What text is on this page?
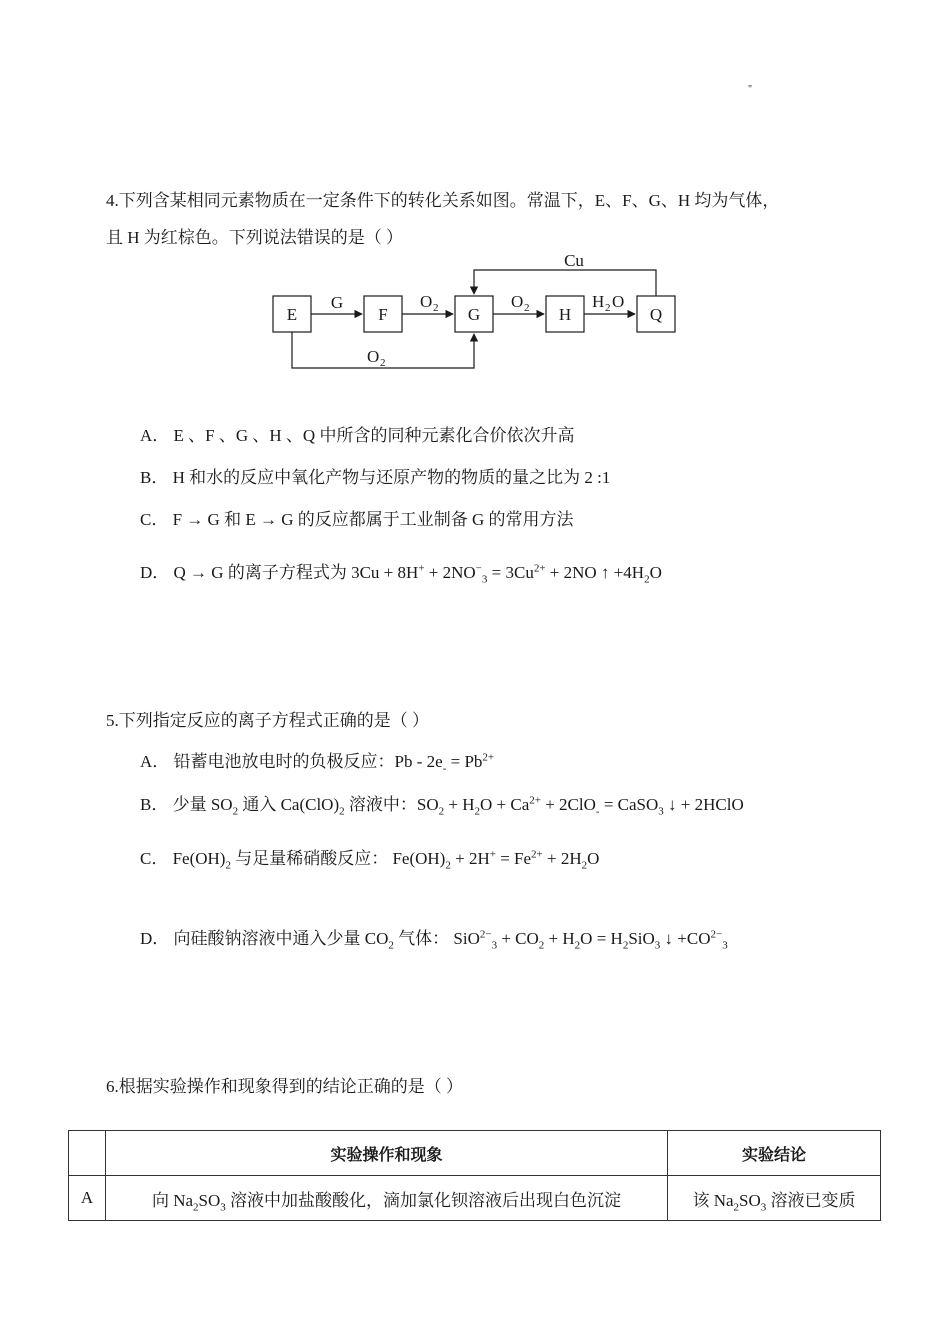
"
4.下列含某相同元素物质在一定条件下的转化关系如图。常温下，E、F、G、H 均为气体，
且 H 为红棕色。下列说法错误的是（ ）
E	F	G	H	Q
G	O 2	O 2	H 2 O
Cu
O 2
A． E 、F 、G 、H 、Q 中所含的同种元素化合价依次升高
B． H 和水的反应中氧化产物与还原产物的物质的量之比为 2 :1
C． F → G 和 E → G 的反应都属于工业制备 G 的常用方法
D． Q → G 的离子方程式为 $3Cu + 8H^+ + 2NO^-_3 = 3Cu^{2+} + 2NO$ ↑ $+4H_2O$
5.下列指定反应的离子方程式正确的是（ ）
A． 铅蓄电池放电时的负极反应：$Pb - 2e_- = Pb^{2+}$
B． 少量 $SO_2$ 通入 $Ca(ClO)_2$ 溶液中：$SO_2 + H_2O + Ca^{2+} + 2ClO_-$ = CaSO$_3$ ↓ + 2HClO
C． $Fe(OH)_2$ 与足量稀硝酸反应： $Fe(OH)_2 + 2H^+ = Fe^{2+} + 2H_2O$
D． 向硅酸钠溶液中通入少量 $CO_2$ 气体： $SiO^{2-}_3 + CO_2 + H_2O = H_2SiO_3$ ↓ $+CO^{2-}_3$
6.根据实验操作和现象得到的结论正确的是（ ）
	实验操作和现象	实验结论
A	向 $Na_2SO_3$ 溶液中加盐酸酸化，滴加氯化钡溶液后出现白色沉淀	该 $Na_2SO_3$ 溶液已变质
